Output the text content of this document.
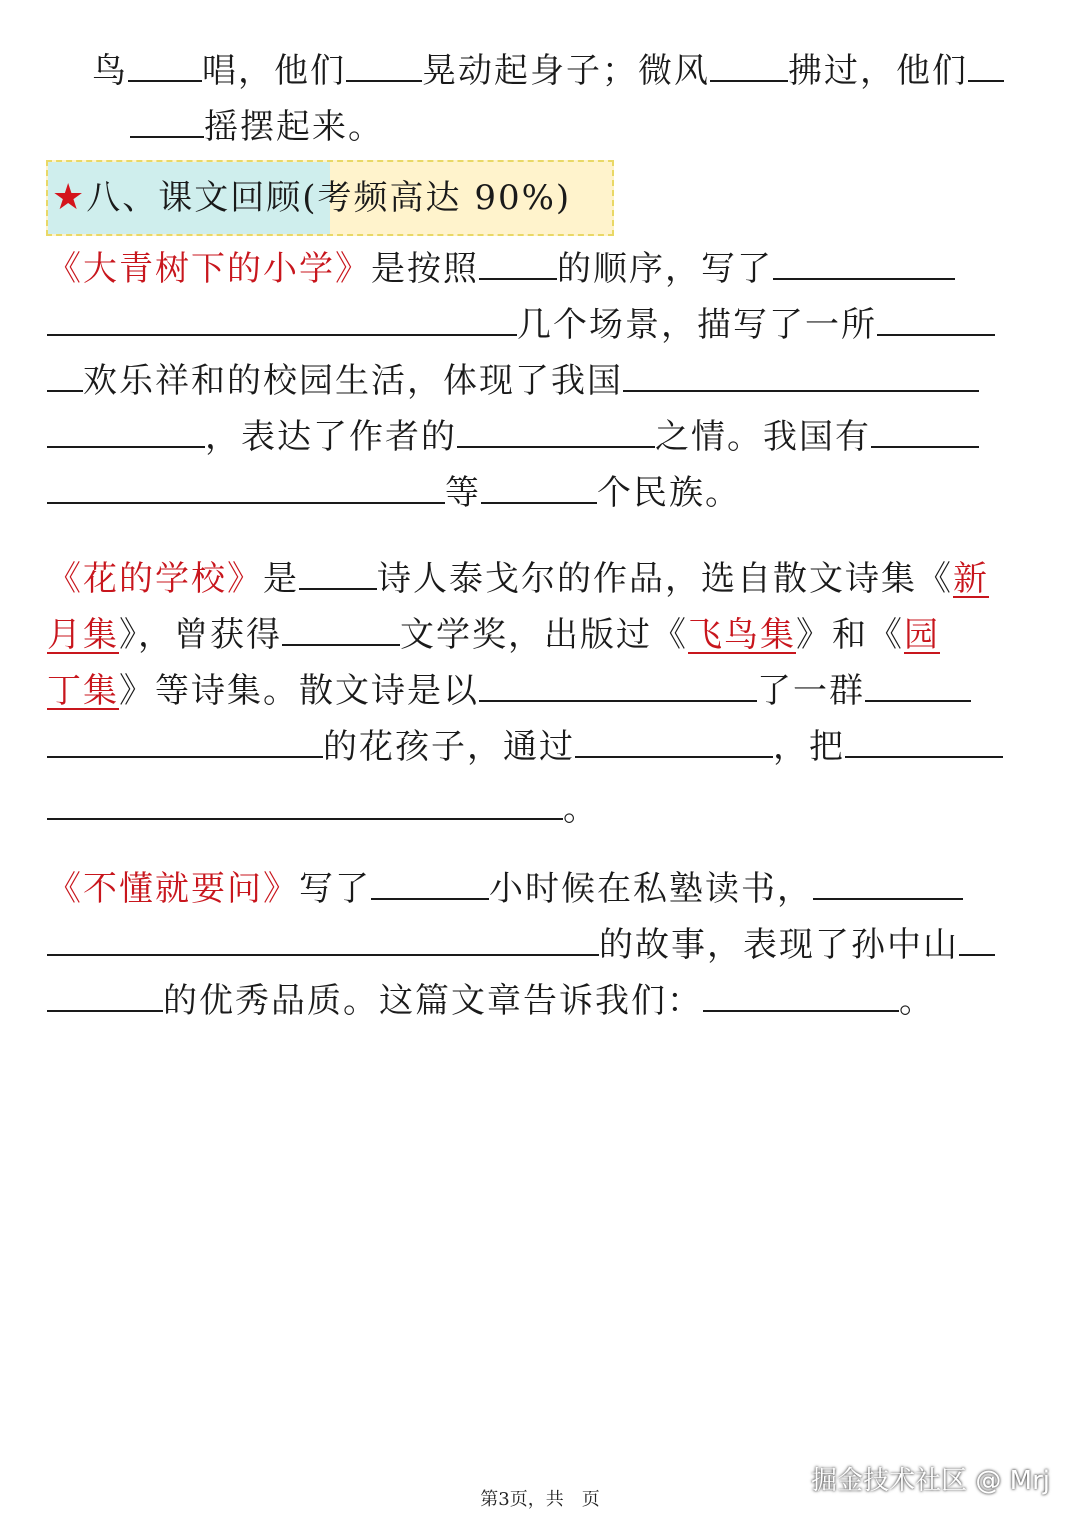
鸟 唱，他们 晃动起身子；微风 拂过，他们
摇摆起来。
★八、课文回顾(考频高达 90%)
《大青树下的小学》是按照 的顺序，写了
几个场景，描写了一所
欢乐祥和的校园生活，体现了我国
，表达了作者的	之情。我国有
等	个民族。
《花的学校》是 诗人泰戈尔的作品，选自散文诗集《新
月集》，曾获得	文学奖，出版过《飞鸟集》和《园
丁集》等诗集。散文诗是以	了一群
的花孩子，通过	，把
。
《不懂就要问》写了	小时候在私塾读书，
的故事，表现了孙中山
的优秀品质。这篇文章告诉我们：	。
掘金技术社区 @ Mrj
第3页，共　页
